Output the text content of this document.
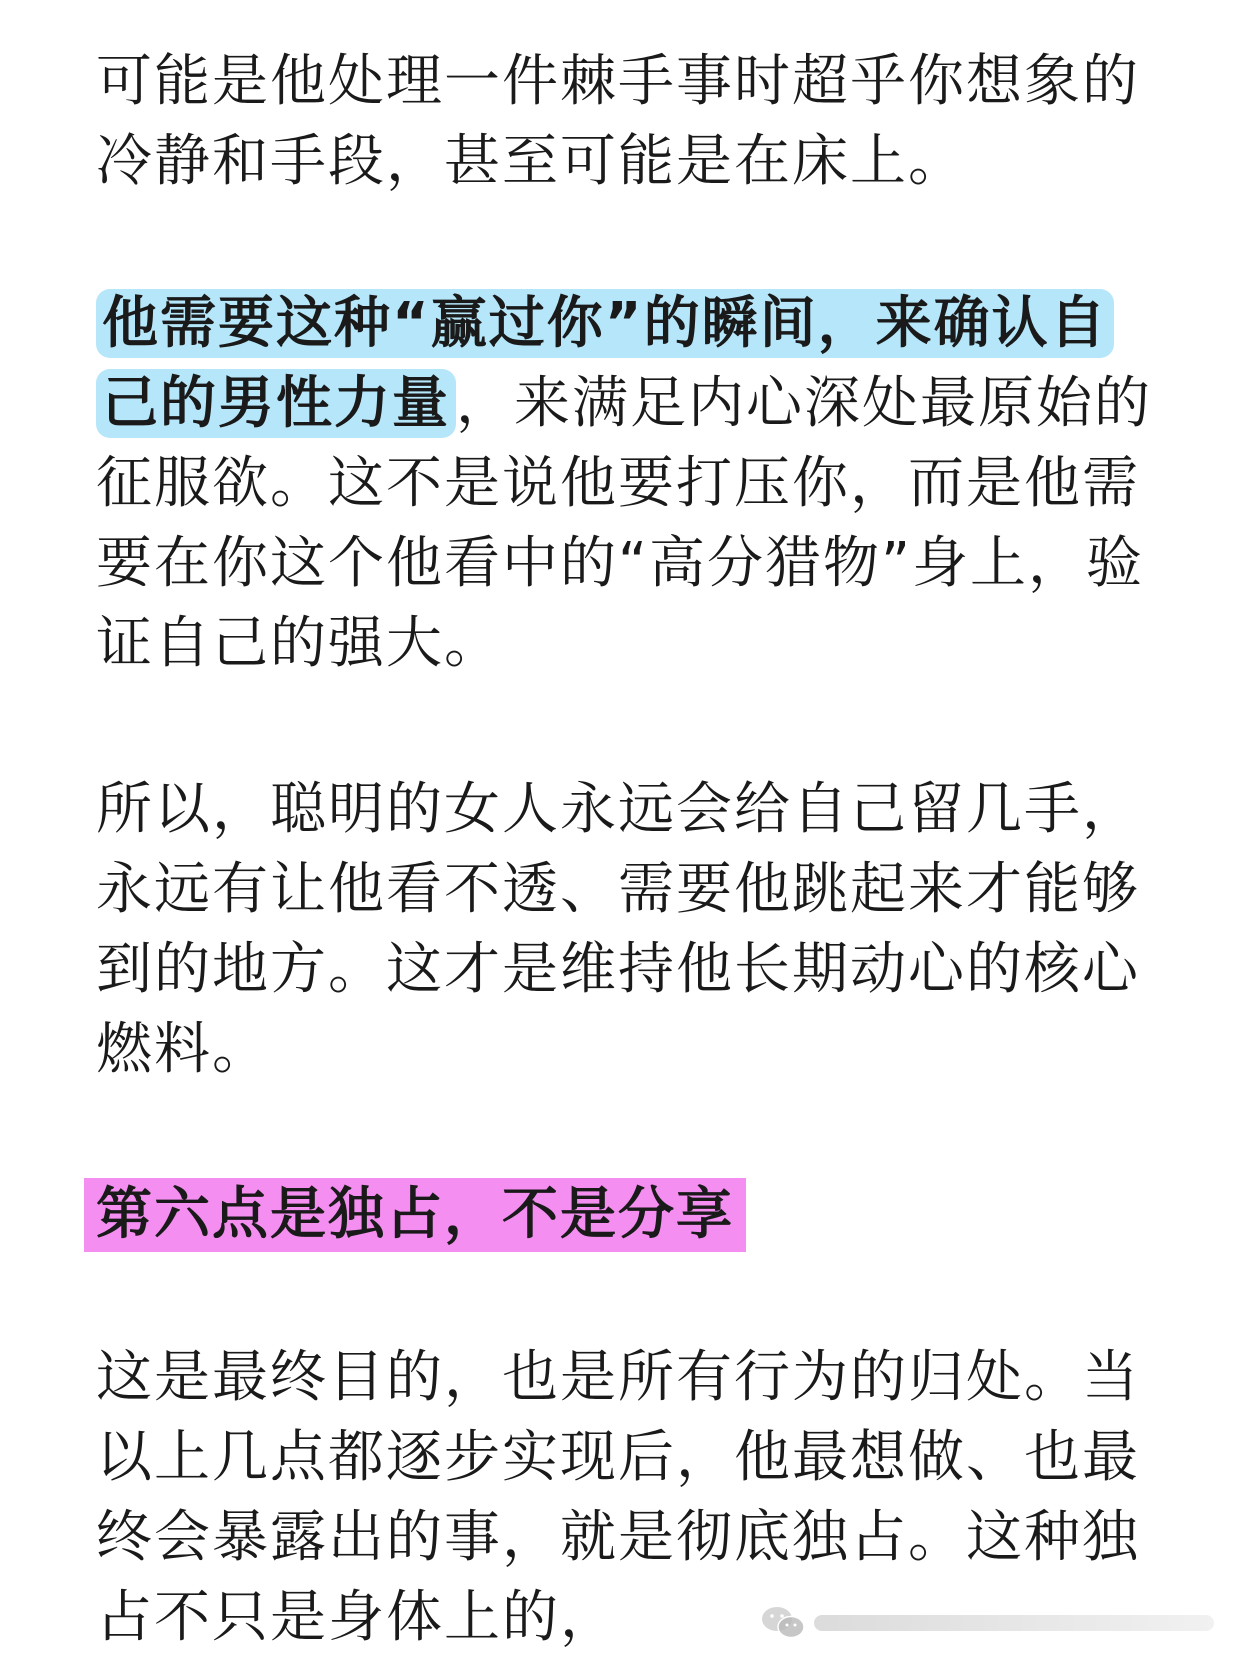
可能是他处理一件棘手事时超乎你想象的冷静和手段，甚至可能是在床上。

他需要这种“赢过你”的瞬间，来确认自己的男性力量 ，来满足内心深处最原始的征服欲。这不是说他要打压你，而是他需要在你这个他看中的“高分猎物”身上，验证自己的强大。

所以，聪明的女人永远会给自己留几手，永远有让他看不透、需要他跳起来才能够到的地方。这才是维持他长期动心的核心燃料。

第六点是独占，不是分享

这是最终目的，也是所有行为的归处。当以上几点都逐步实现后，他最想做、也最终会暴露出的事，就是彻底独占。这种独占不只是身体上的，
